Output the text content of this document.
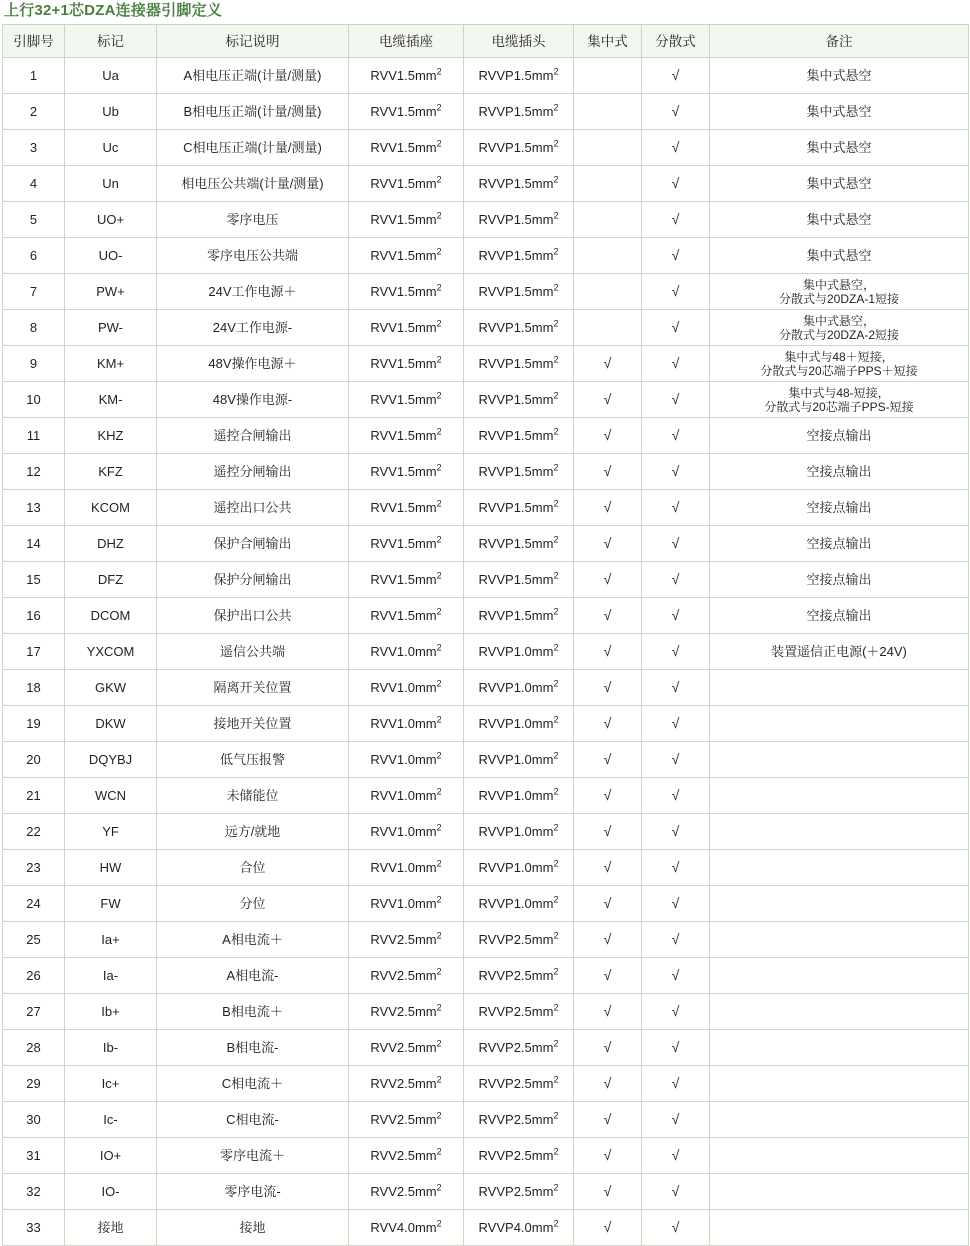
上行32+1芯DZA连接器引脚定义
引脚号	标记	标记说明	电缆插座	电缆插头	集中式	分散式	备注
1	Ua	A相电压正端(计量/测量)	$RVV1.5mm^2$	$RVVP1.5mm^2$		√	集中式悬空
2	Ub	B相电压正端(计量/测量)	$RVV1.5mm^2$	$RVVP1.5mm^2$		√	集中式悬空
3	Uc	C相电压正端(计量/测量)	$RVV1.5mm^2$	$RVVP1.5mm^2$		√	集中式悬空
4	Un	相电压公共端(计量/测量)	$RVV1.5mm^2$	$RVVP1.5mm^2$		√	集中式悬空
5	UO+	零序电压	$RVV1.5mm^2$	$RVVP1.5mm^2$		√	集中式悬空
6	UO-	零序电压公共端	$RVV1.5mm^2$	$RVVP1.5mm^2$		√	集中式悬空
7	PW+	24V工作电源＋	$RVV1.5mm^2$	$RVVP1.5mm^2$		√	集中式悬空，
分散式与20DZA-1短接

8	PW-	24V工作电源-	$RVV1.5mm^2$	$RVVP1.5mm^2$		√	集中式悬空，
分散式与20DZA-2短接

9	KM+	48V操作电源＋	$RVV1.5mm^2$	$RVVP1.5mm^2$	√	√	集中式与48＋短接，
分散式与20芯端子PPS＋短接

10	KM-	48V操作电源-	$RVV1.5mm^2$	$RVVP1.5mm^2$	√	√	集中式与48-短接，
分散式与20芯端子PPS-短接

11	KHZ	遥控合闸输出	$RVV1.5mm^2$	$RVVP1.5mm^2$	√	√	空接点输出
12	KFZ	遥控分闸输出	$RVV1.5mm^2$	$RVVP1.5mm^2$	√	√	空接点输出
13	KCOM	遥控出口公共	$RVV1.5mm^2$	$RVVP1.5mm^2$	√	√	空接点输出
14	DHZ	保护合闸输出	$RVV1.5mm^2$	$RVVP1.5mm^2$	√	√	空接点输出
15	DFZ	保护分闸输出	$RVV1.5mm^2$	$RVVP1.5mm^2$	√	√	空接点输出
16	DCOM	保护出口公共	$RVV1.5mm^2$	$RVVP1.5mm^2$	√	√	空接点输出
17	YXCOM	遥信公共端	$RVV1.0mm^2$	$RVVP1.0mm^2$	√	√	装置遥信正电源(＋24V)
18	GKW	隔离开关位置	$RVV1.0mm^2$	$RVVP1.0mm^2$	√	√	
19	DKW	接地开关位置	$RVV1.0mm^2$	$RVVP1.0mm^2$	√	√	
20	DQYBJ	低气压报警	$RVV1.0mm^2$	$RVVP1.0mm^2$	√	√	
21	WCN	未储能位	$RVV1.0mm^2$	$RVVP1.0mm^2$	√	√	
22	YF	远方/就地	$RVV1.0mm^2$	$RVVP1.0mm^2$	√	√	
23	HW	合位	$RVV1.0mm^2$	$RVVP1.0mm^2$	√	√	
24	FW	分位	$RVV1.0mm^2$	$RVVP1.0mm^2$	√	√	
25	Ia+	A相电流＋	$RVV2.5mm^2$	$RVVP2.5mm^2$	√	√	
26	Ia-	A相电流-	$RVV2.5mm^2$	$RVVP2.5mm^2$	√	√	
27	Ib+	B相电流＋	$RVV2.5mm^2$	$RVVP2.5mm^2$	√	√	
28	Ib-	B相电流-	$RVV2.5mm^2$	$RVVP2.5mm^2$	√	√	
29	Ic+	C相电流＋	$RVV2.5mm^2$	$RVVP2.5mm^2$	√	√	
30	Ic-	C相电流-	$RVV2.5mm^2$	$RVVP2.5mm^2$	√	√	
31	IO+	零序电流＋	$RVV2.5mm^2$	$RVVP2.5mm^2$	√	√	
32	IO-	零序电流-	$RVV2.5mm^2$	$RVVP2.5mm^2$	√	√	
33	接地	接地	$RVV4.0mm^2$	$RVVP4.0mm^2$	√	√	
